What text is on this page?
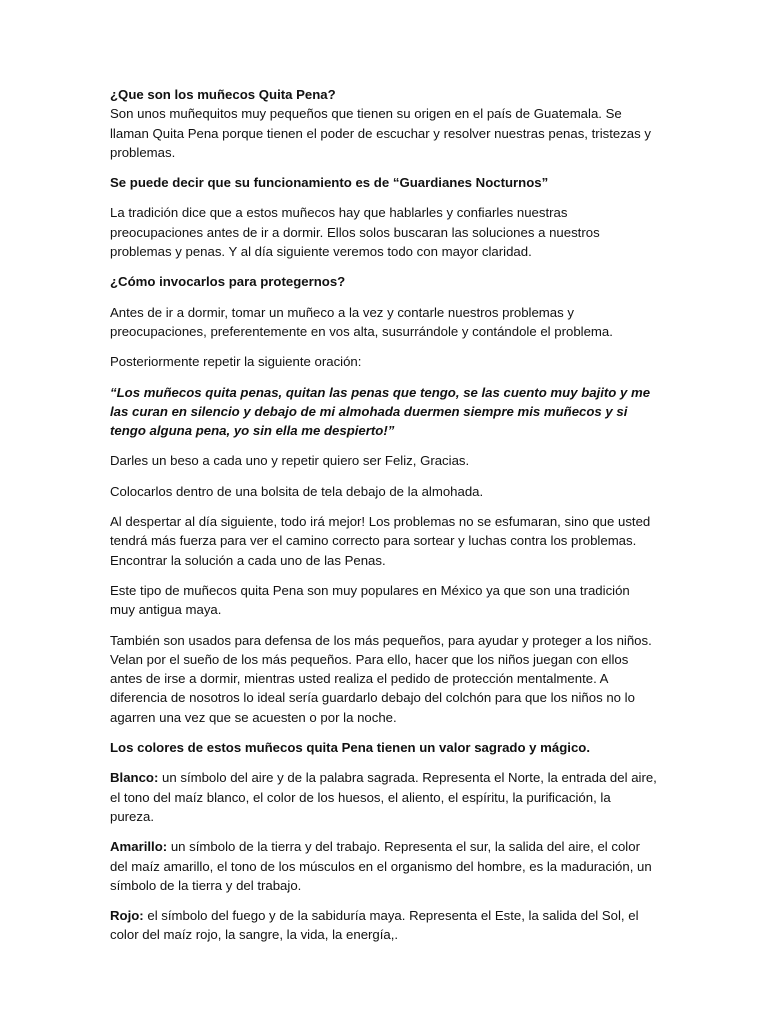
¿Que son los muñecos Quita Pena?
Son unos muñequitos muy pequeños que tienen su origen en el país de Guatemala. Se llaman Quita Pena porque tienen el poder de escuchar y resolver nuestras penas, tristezas y problemas.

Se puede decir que su funcionamiento es de “Guardianes Nocturnos”

La tradición dice que a estos muñecos hay que hablarles y confiarles nuestras preocupaciones antes de ir a dormir. Ellos solos buscaran las soluciones a nuestros problemas y penas. Y al día siguiente veremos todo con mayor claridad.

¿Cómo invocarlos para protegernos?

Antes de ir a dormir, tomar un muñeco a la vez y contarle nuestros problemas y preocupaciones, preferentemente en vos alta, susurrándole y contándole el problema.

Posteriormente repetir la siguiente oración:

“Los muñecos quita penas, quitan las penas que tengo, se las cuento muy bajito y me las curan en silencio y debajo de mi almohada duermen siempre mis muñecos y si tengo alguna pena, yo sin ella me despierto!”

Darles un beso a cada uno y repetir quiero ser Feliz, Gracias.

Colocarlos dentro de una bolsita de tela debajo de la almohada.

Al despertar al día siguiente, todo irá mejor! Los problemas no se esfumaran, sino que usted tendrá más fuerza para ver el camino correcto para sortear y luchas contra los problemas. Encontrar la solución a cada uno de las Penas.

Este tipo de muñecos quita Pena son muy populares en México ya que son una tradición muy antigua maya.

También son usados para defensa de los más pequeños, para ayudar y proteger a los niños. Velan por el sueño de los más pequeños. Para ello, hacer que los niños juegan con ellos antes de irse a dormir, mientras usted realiza el pedido de protección mentalmente. A diferencia de nosotros lo ideal sería guardarlo debajo del colchón para que los niños no lo agarren una vez que se acuesten o por la noche.

Los colores de estos muñecos quita Pena tienen un valor sagrado y mágico.

Blanco: un símbolo del aire y de la palabra sagrada. Representa el Norte, la entrada del aire, el tono del maíz blanco, el color de los huesos, el aliento, el espíritu, la purificación, la pureza.

Amarillo: un símbolo de la tierra y del trabajo. Representa el sur, la salida del aire, el color del maíz amarillo, el tono de los músculos en el organismo del hombre, es la maduración, un símbolo de la tierra y del trabajo.

Rojo: el símbolo del fuego y de la sabiduría maya. Representa el Este, la salida del Sol, el color del maíz rojo, la sangre, la vida, la energía,.
